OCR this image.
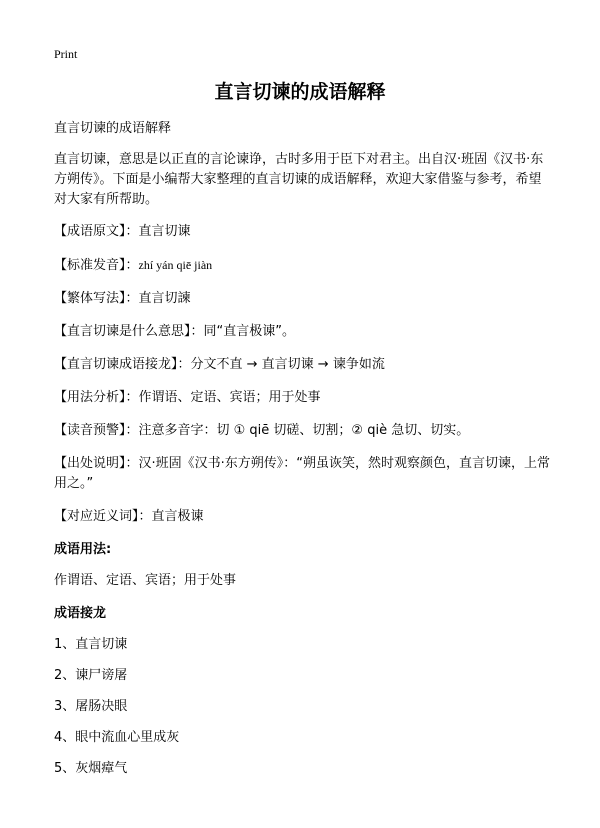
Print
直言切谏的成语解释

直言切谏的成语解释

直言切谏，意思是以正直的言论谏诤，古时多用于臣下对君主。出自汉·班固《汉书·东方朔传》。下面是小编帮大家整理的直言切谏的成语解释，欢迎大家借鉴与参考，希望对大家有所帮助。

【成语原文】：直言切谏

【标准发音】：zhí yán qiē jiàn

【繁体写法】：直言切諫

【直言切谏是什么意思】：同“直言极谏”。

【直言切谏成语接龙】：分文不直 → 直言切谏 → 谏争如流

【用法分析】：作谓语、定语、宾语；用于处事

【读音预警】：注意多音字：切 ① qiē 切磋、切割；② qiè 急切、切实。

【出处说明】：汉·班固《汉书·东方朔传》：“朔虽诙笑，然时观察颜色，直言切谏，上常用之。”

【对应近义词】：直言极谏

成语用法:

作谓语、定语、宾语；用于处事

成语接龙

1、直言切谏
2、谏尸谤屠
3、屠肠决眼
4、眼中流血心里成灰
5、灰烟瘴气
